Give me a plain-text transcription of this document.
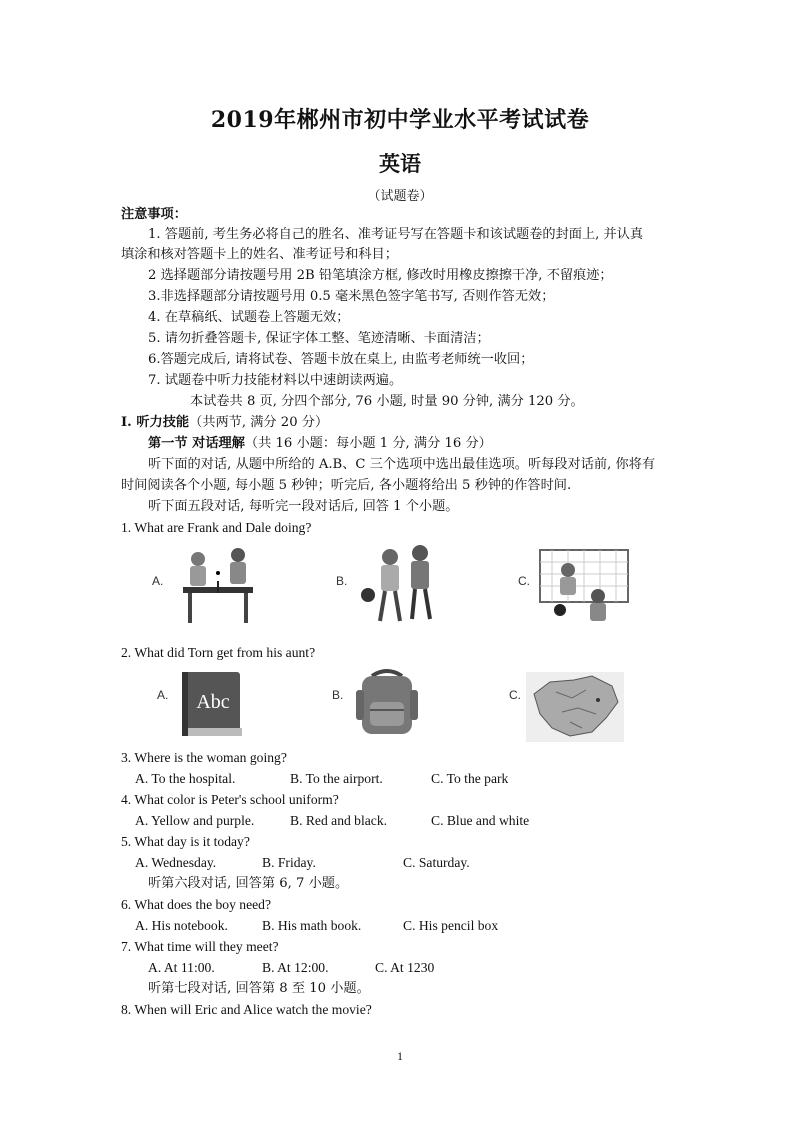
2019年郴州市初中学业水平考试试卷
英语
（试题卷）
注意事项：
1. 答题前, 考生务必将自己的胜名、准考证号写在答题卡和该试题卷的封面上, 并认真
填涂和核对答题卡上的姓名、准考证号和科目；
2 选择题部分请按题号用 2B 铅笔填涂方框, 修改时用橡皮擦擦干净, 不留痕迹；
3.非选择题部分请按题号用 0.5 毫米黑色签字笔书写, 否则作答无效；
4. 在草稿纸、试题卷上答题无效；
5. 请勿折叠答题卡, 保证字体工整、笔迹清晰、卡面清洁；
6.答题完成后, 请将试卷、答题卡放在桌上, 由监考老师统一收回；
7. 试题卷中听力技能材料以中速朗读两遍。
本试卷共 8 页, 分四个部分, 76 小题, 时量 90 分钟, 满分 120 分。
I. 听力技能（共两节, 满分 20 分）
第一节 对话理解（共 16 小题：每小题 1 分, 满分 16 分）
听下面的对话, 从题中所给的 A.B、C 三个选项中选出最佳选项。听每段对话前, 你将有
时间阅读各个小题, 每小题 5 秒钟；听完后, 各小题将给出 5 秒钟的作答时间.
听下面五段对话, 每听完一段对话后, 回答 1 个小题。
1. What are Frank and Dale doing?
A.	B.	C.
2. What did Torn get from his aunt?
A. Abc	B.	C.
3. Where is the woman going?
A. To the hospital.	B. To the airport.	C. To the park
4. What color is Peter's school uniform?
A. Yellow and purple.	B. Red and black.	C. Blue and white
5. What day is it today?
A. Wednesday.	B. Friday.	C. Saturday.
听第六段对话, 回答第 6, 7 小题。
6. What does the boy need?
A. His notebook.	B. His math book.	C. His pencil box
7. What time will they meet?
A. At 11:00.	B. At 12:00.	C. At 1230
听第七段对话, 回答第 8 至 10 小题。
8. When will Eric and Alice watch the movie?
1
